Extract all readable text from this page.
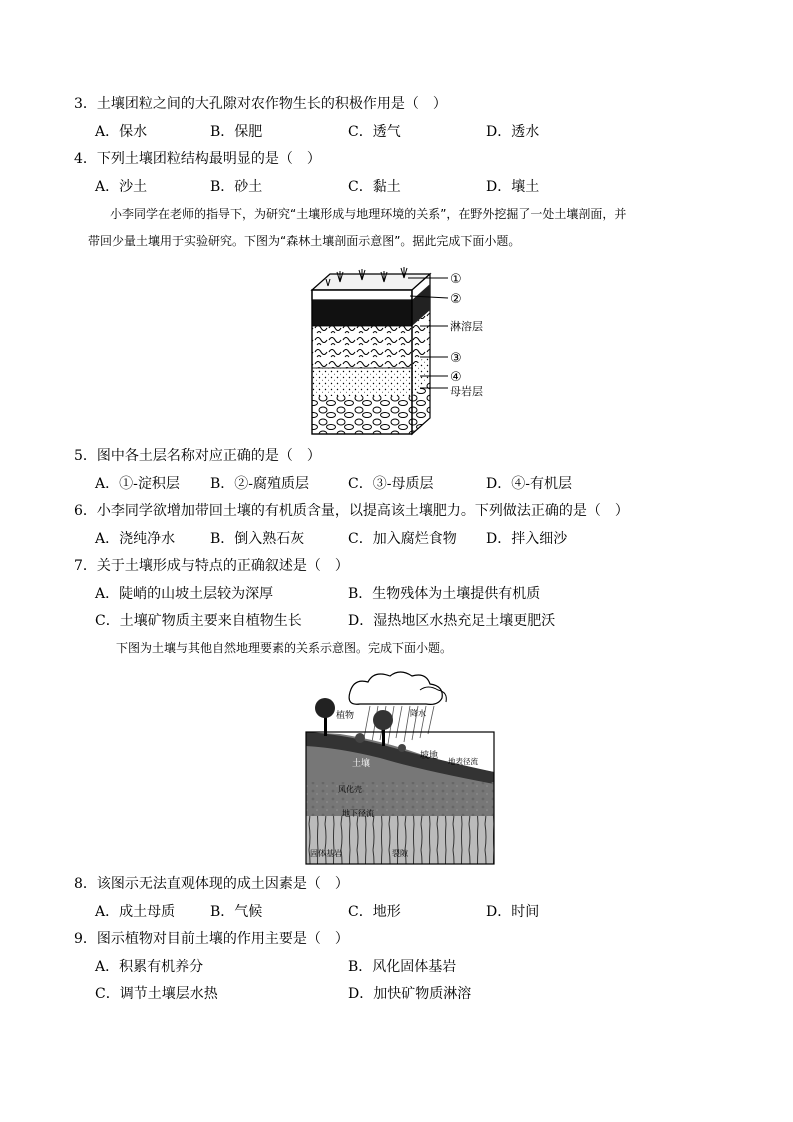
3．土壤团粒之间的大孔隙对农作物生长的积极作用是（　）
A．保水	B．保肥	C．透气	D．透水
4．下列土壤团粒结构最明显的是（　）
A．沙土	B．砂土	C．黏土	D．壤土
小李同学在老师的指导下，为研究“土壤形成与地理环境的关系”，在野外挖掘了一处土壤剖面，并
带回少量土壤用于实验研究。下图为“森林土壤剖面示意图”。据此完成下面小题。
①
②
淋溶层
③
④
母岩层
5．图中各土层名称对应正确的是（　）
A．①-淀积层 B．②-腐殖质层	C．③-母质层	D．④-有机层
6．小李同学欲增加带回土壤的有机质含量，以提高该土壤肥力。下列做法正确的是（　）
A．浇纯净水 B．倒入熟石灰	C．加入腐烂食物 D．拌入细沙
7．关于土壤形成与特点的正确叙述是（　）
A．陡峭的山坡土层较为深厚	B．生物残体为土壤提供有机质
C．土壤矿物质主要来自植物生长	D．湿热地区水热充足土壤更肥沃
下图为土壤与其他自然地理要素的关系示意图。完成下面小题。
植物	降水
土壤
坡地
地表径流
风化壳
地下径流
固体基岩	裂隙
8．该图示无法直观体现的成土因素是（　）
A．成土母质 B．气候	C．地形	D．时间
9．图示植物对目前土壤的作用主要是（　）
A．积累有机养分	B．风化固体基岩
C．调节土壤层水热	D．加快矿物质淋溶
